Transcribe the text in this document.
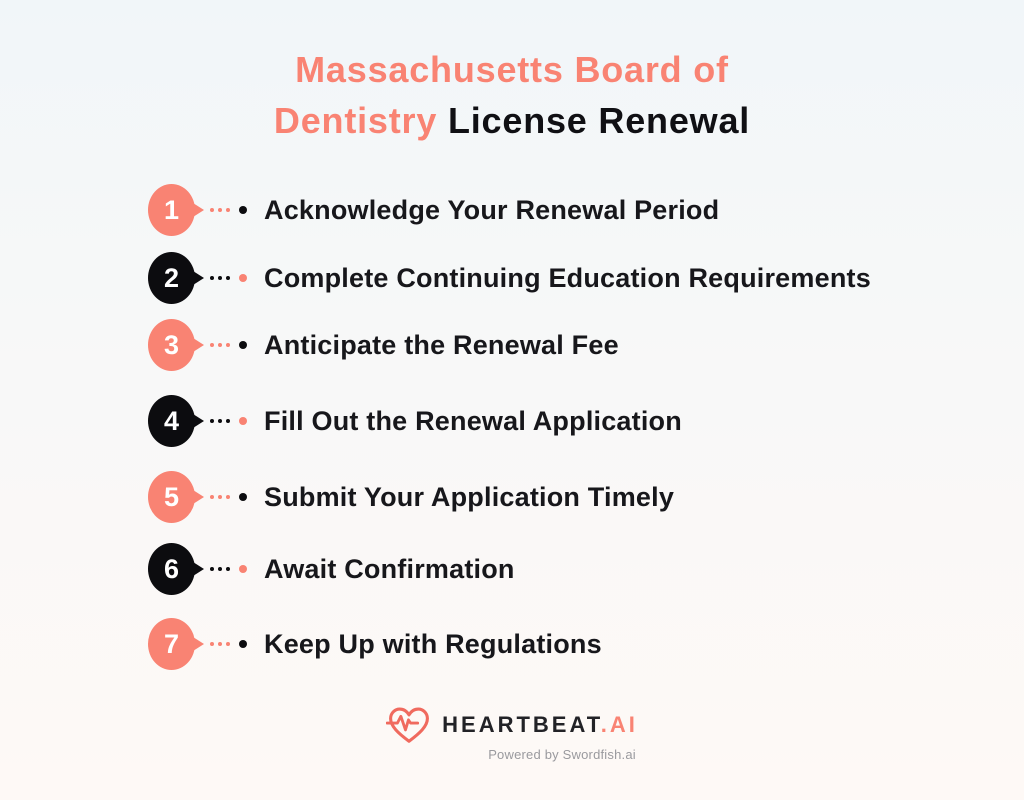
Massachusetts Board of
Dentistry License Renewal
1	Acknowledge Your Renewal Period
2	Complete Continuing Education Requirements
3	Anticipate the Renewal Fee
4	Fill Out the Renewal Application
5	Submit Your Application Timely
6	Await Confirmation
7	Keep Up with Regulations
HEARTBEAT.AI
Powered by Swordfish.ai
